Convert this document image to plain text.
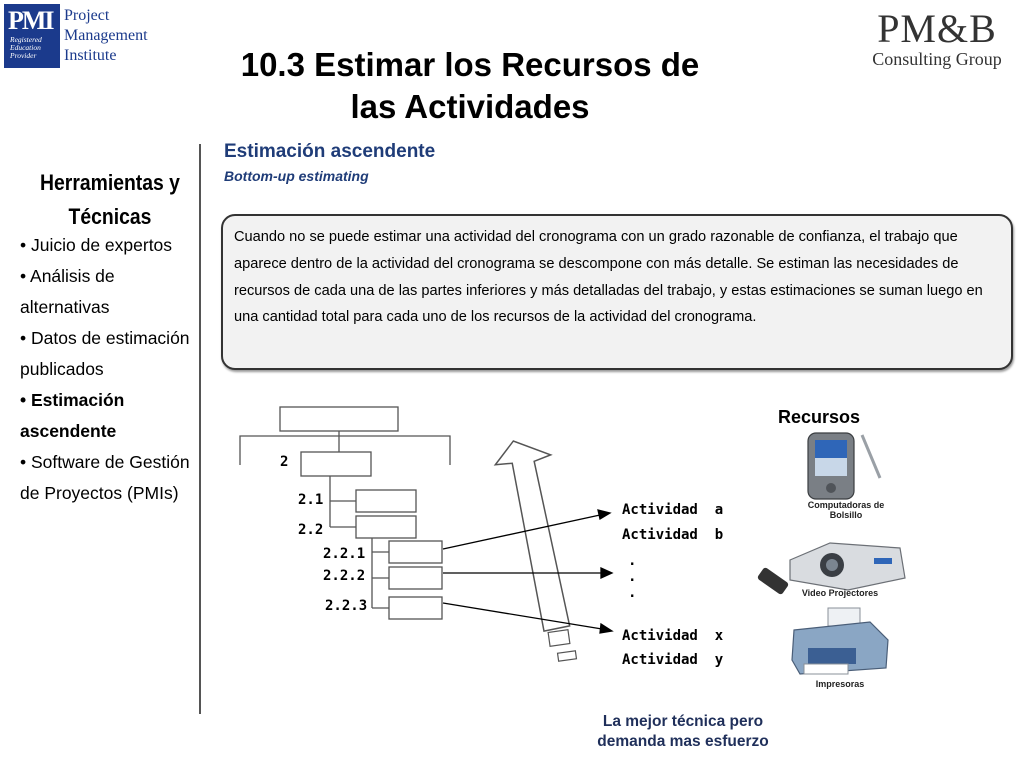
PMI
Registered
Education
Provider
Project
Management
Institute
PM&B
Consulting Group
10.3 Estimar los Recursos de
las Actividades
Herramientas y
Técnicas
• Juicio de expertos
• Análisis de alternativas
• Datos de estimación publicados
• Estimación ascendente
• Software de Gestión de Proyectos (PMIs)
Estimación ascendente
Bottom-up estimating
Cuando no se puede estimar una actividad del cronograma con un grado razonable de confianza, el trabajo que aparece dentro de la actividad del cronograma se descompone con más detalle. Se estiman las necesidades de recursos de cada una de las partes inferiores y más detalladas del trabajo, y estas estimaciones se suman luego en una cantidad total para cada uno de los recursos de la actividad del cronograma.
2
2.1
2.2
2.2.1
2.2.2
2.2.3
Actividad  a
Actividad  b
.
.
.
Actividad  x
Actividad  y
Recursos
Computadoras de Bolsillo
Video Projectores
Impresoras
La mejor técnica pero
demanda mas esfuerzo
